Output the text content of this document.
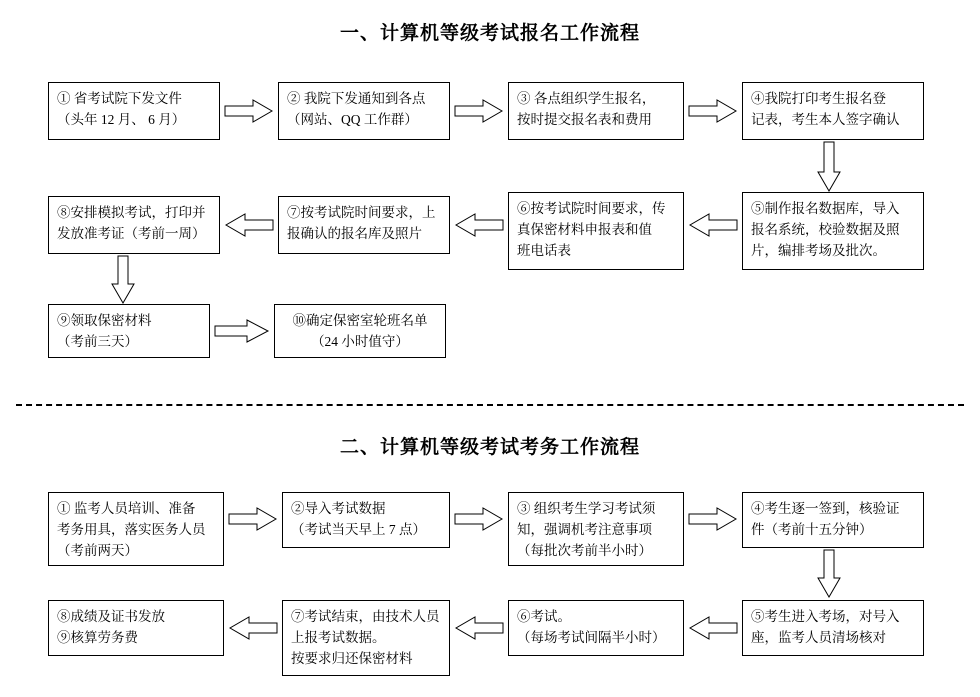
一、计算机等级考试报名工作流程
① 省考试院下发文件
（头年 12 月、 6 月）
② 我院下发通知到各点
（网站、QQ 工作群）
③ 各点组织学生报名，
按时提交报名表和费用
④我院打印考生报名登
记表，考生本人签字确认
⑤制作报名数据库，导入
报名系统，校验数据及照
片，编排考场及批次。
⑥按考试院时间要求，传
真保密材料申报表和值
班电话表
⑦按考试院时间要求，上
报确认的报名库及照片
⑧安排模拟考试，打印并
发放准考证（考前一周）
⑨领取保密材料
（考前三天）
⑩确定保密室轮班名单
（24 小时值守）
二、计算机等级考试考务工作流程
① 监考人员培训、准备
考务用具，落实医务人员
（考前两天）
②导入考试数据
（考试当天早上 7 点）
③ 组织考生学习考试须
知，强调机考注意事项
（每批次考前半小时）
④考生逐一签到，核验证
件（考前十五分钟）
⑤考生进入考场，对号入
座，监考人员清场核对
⑥考试。
（每场考试间隔半小时）
⑦考试结束，由技术人员
上报考试数据。
按要求归还保密材料
⑧成绩及证书发放
⑨核算劳务费
